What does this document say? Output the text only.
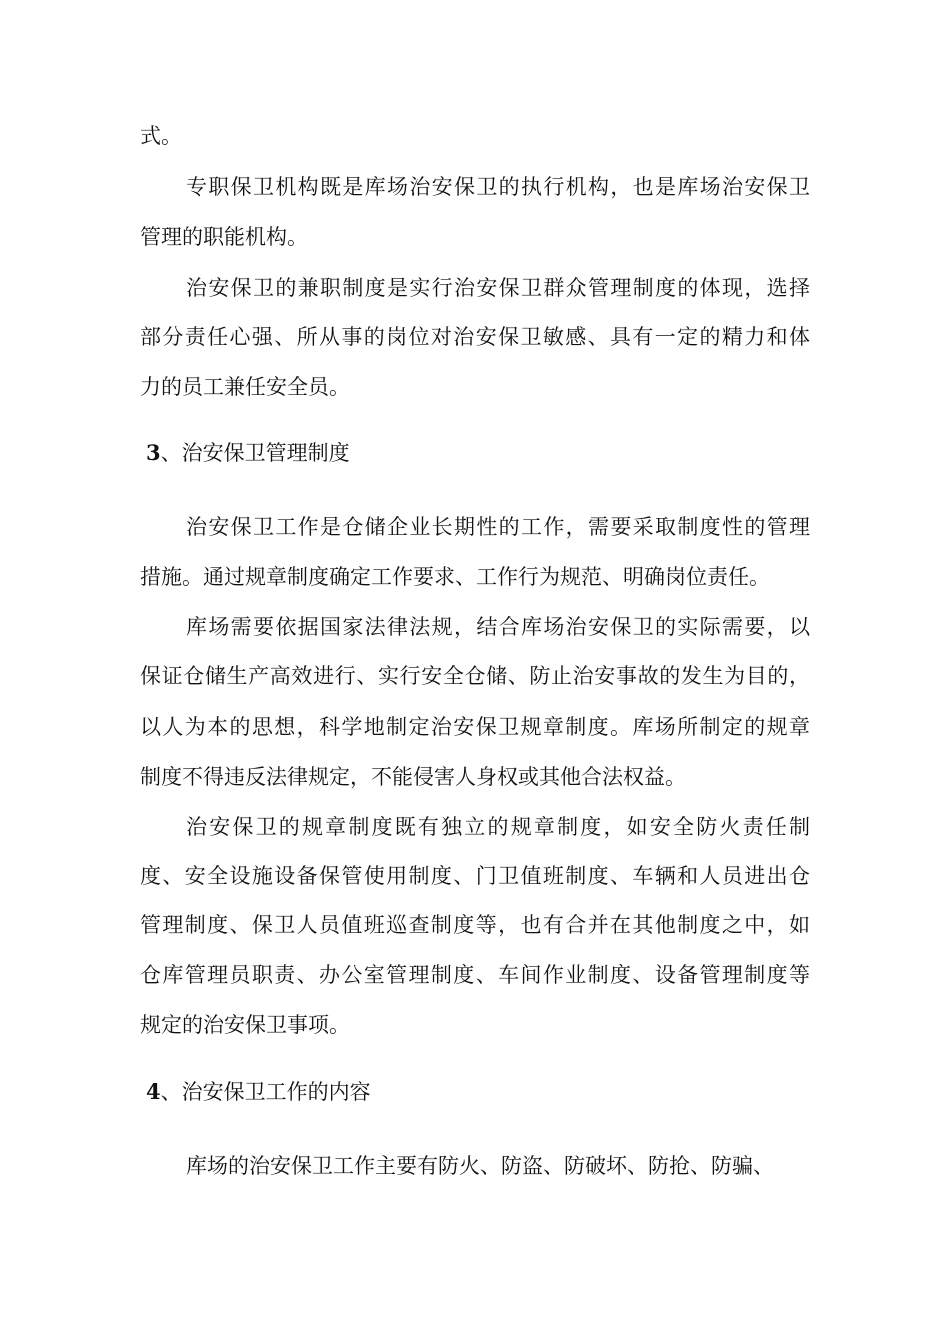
式。
专职保卫机构既是库场治安保卫的执行机构，也是库场治安保卫
管理的职能机构。
治安保卫的兼职制度是实行治安保卫群众管理制度的体现，选择
部分责任心强、所从事的岗位对治安保卫敏感、具有一定的精力和体
力的员工兼任安全员。
3、治安保卫管理制度
治安保卫工作是仓储企业长期性的工作，需要采取制度性的管理
措施。通过规章制度确定工作要求、工作行为规范、明确岗位责任。
库场需要依据国家法律法规，结合库场治安保卫的实际需要，以
保证仓储生产高效进行、实行安全仓储、防止治安事故的发生为目的，
以人为本的思想，科学地制定治安保卫规章制度。库场所制定的规章
制度不得违反法律规定，不能侵害人身权或其他合法权益。
治安保卫的规章制度既有独立的规章制度，如安全防火责任制
度、安全设施设备保管使用制度、门卫值班制度、车辆和人员进出仓
管理制度、保卫人员值班巡查制度等，也有合并在其他制度之中，如
仓库管理员职责、办公室管理制度、车间作业制度、设备管理制度等
规定的治安保卫事项。
4、治安保卫工作的内容
库场的治安保卫工作主要有防火、防盗、防破坏、防抢、防骗、
